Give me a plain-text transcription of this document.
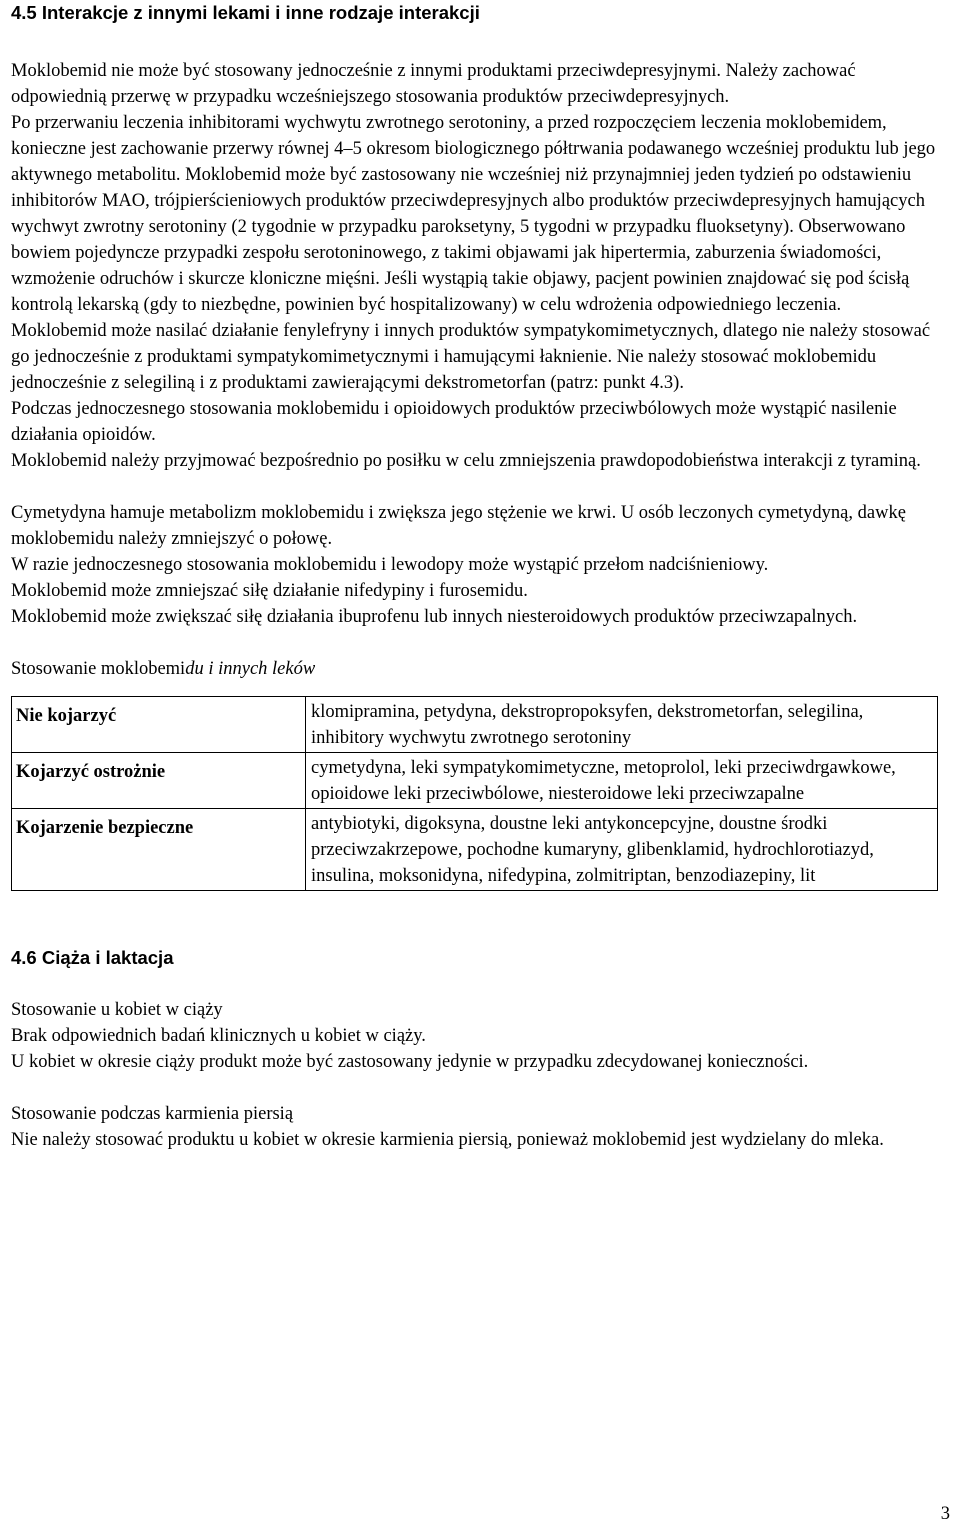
4.5 Interakcje z innymi lekami i inne rodzaje interakcji

Moklobemid nie może być stosowany jednocześnie z innymi produktami przeciwdepresyjnymi. Należy zachować odpowiednią przerwę w przypadku wcześniejszego stosowania produktów przeciwdepresyjnych.

Po przerwaniu leczenia inhibitorami wychwytu zwrotnego serotoniny, a przed rozpoczęciem leczenia moklobemidem, konieczne jest zachowanie przerwy równej 4–5 okresom biologicznego półtrwania podawanego wcześniej produktu lub jego aktywnego metabolitu. Moklobemid może być zastosowany nie wcześniej niż przynajmniej jeden tydzień po odstawieniu inhibitorów MAO, trójpierścieniowych produktów przeciwdepresyjnych albo produktów przeciwdepresyjnych hamujących wychwyt zwrotny serotoniny (2 tygodnie w przypadku paroksetyny, 5 tygodni w przypadku fluoksetyny). Obserwowano bowiem pojedyncze przypadki zespołu serotoninowego, z takimi objawami jak hipertermia, zaburzenia świadomości, wzmożenie odruchów i skurcze kloniczne mięśni. Jeśli wystąpią takie objawy, pacjent powinien znajdować się pod ścisłą kontrolą lekarską (gdy to niezbędne, powinien być hospitalizowany) w celu wdrożenia odpowiedniego leczenia.

Moklobemid może nasilać działanie fenylefryny i innych produktów sympatykomimetycznych, dlatego nie należy stosować go jednocześnie z produktami sympatykomimetycznymi i hamującymi łaknienie. Nie należy stosować moklobemidu jednocześnie z selegiliną i z produktami zawierającymi dekstrometorfan (patrz: punkt 4.3).

Podczas jednoczesnego stosowania moklobemidu i opioidowych produktów przeciwbólowych może wystąpić nasilenie działania opioidów.

Moklobemid należy przyjmować bezpośrednio po posiłku w celu zmniejszenia prawdopodobieństwa interakcji z tyraminą.

Cymetydyna hamuje metabolizm moklobemidu i zwiększa jego stężenie we krwi. U osób leczonych cymetydyną, dawkę moklobemidu należy zmniejszyć o połowę.

W razie jednoczesnego stosowania moklobemidu i lewodopy może wystąpić przełom nadciśnieniowy.

Moklobemid może zmniejszać siłę działanie nifedypiny i furosemidu.

Moklobemid może zwiększać siłę działania ibuprofenu lub innych niesteroidowych produktów przeciwzapalnych.

Stosowanie moklobemidu i innych leków

Nie kojarzyć	klomipramina, petydyna, dekstropropoksyfen, dekstrometorfan, selegilina, inhibitory wychwytu zwrotnego serotoniny
Kojarzyć ostrożnie	cymetydyna, leki sympatykomimetyczne, metoprolol, leki przeciwdrgawkowe, opioidowe leki przeciwbólowe, niesteroidowe leki przeciwzapalne
Kojarzenie bezpieczne	antybiotyki, digoksyna, doustne leki antykoncepcyjne, doustne środki przeciwzakrzepowe, pochodne kumaryny, glibenklamid, hydrochlorotiazyd, insulina, moksonidyna, nifedypina, zolmitriptan, benzodiazepiny, lit

4.6 Ciąża i laktacja

Stosowanie u kobiet w ciąży

Brak odpowiednich badań klinicznych u kobiet w ciąży.

U kobiet w okresie ciąży produkt może być zastosowany jedynie w przypadku zdecydowanej konieczności.

Stosowanie podczas karmienia piersią

Nie należy stosować produktu u kobiet w okresie karmienia piersią, ponieważ moklobemid jest wydzielany do mleka.

3
